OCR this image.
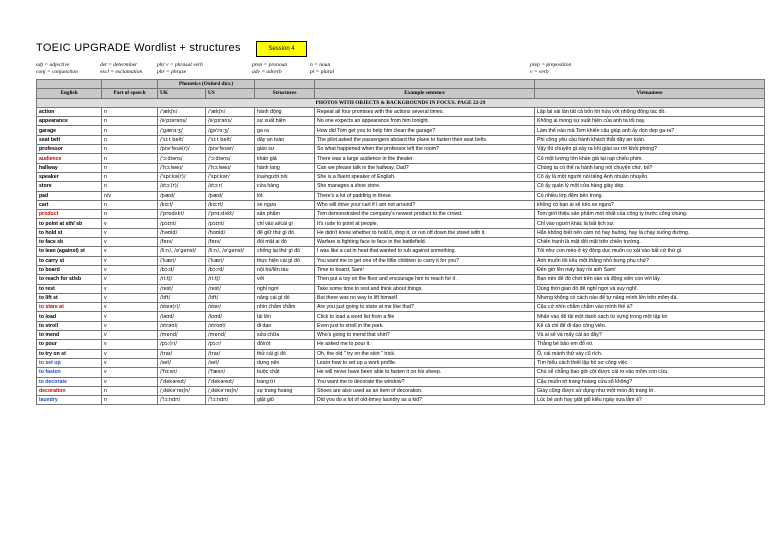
TOEIC UPGRADE Wordlist + structures	Session 4
adj = adjective
conj = conjunction
det = determiner
excl = exclamation
phr v = phrasal verb
phr = phrase
pron = pronoun
adv = adverb
n = noun
pl = plural
prep = preposition
v = verb
		Phonetics (Oxford dict.)				
English	Part of speech	UK	US	Structures	Example sentence	Vietnamese
PHOTOS WITH OBJECTS & BACKGROUNDS IN FOCUS. PAGE 22-29						
action	n	/ˈækʃn/	/ˈækʃn/	hành động	Repeat all four promises with the actions several times.	Lặp lại vài lần tất cả bốn lời hứa với những động tác đó.
appearance	n	/əˈpɪərəns/	/əˈpɪrəns/	sự xuất hiện	No one expects an appearance from him tonight.	Không ai mong sự xuất hiện của anh ta tối nay.
garage	n	/ˈɡærɑːʒ/	/ɡəˈrɑːʒ/	ga ra	How did Tom get you to help him clean the garage?	Làm thế nào mà Tom khiến cậu giúp anh ấy dọn dẹp ga-ra?
seat belt	n	/ˈsiːt belt/	/ˈsiːt belt/	dây an toàn	The pilot asked the passengers aboard the plane to fasten their seat belts.	Phi công yêu cầu hành khách thắt dây an toàn.
professor	n	/prəˈfesə(r)/	/prəˈfesər/	giáo sư	So what happened when the professor left the room?	Vậy thì chuyện gì xảy ra khi giáo sư rời khỏi phòng?
audience	n	/ˈɔːdiəns/	/ˈɔːdiəns/	khán giả	There was a large audience in the theater.	Có một lượng lớn khán giả tại rạp chiếu phim.
hallway	n	/ˈhɔːlweɪ/	/ˈhɔːlweɪ/	hành lang	Can we please talk in the hallway, Dad?	Chúng ta có thể ra hành lang nói chuyện chứ, bố?
speaker	n	/ˈspiːkə(r)/	/ˈspiːkər/	loa/người nói	She is a fluent speaker of English.	Cô ấy là một người nói tiếng Anh nhuần nhuyễn.
store	n	/stɔː(r)/	/stɔːr/	cửa hàng	She manages a shoe store.	Cô ấy quản lý một cửa hàng giày dép.
pad	n/v	/pæd/	/pæd/	lót	There's a lot of padding in these.	Có nhiều lớp đệm bên trong.
cart	n	/kɑːt/	/kɑːrt/	xe ngựa	Who will drive your cart if I am not around?	không có bạn ai sẽ kéo xe ngựa?
product	n	/ˈprɒdʌkt/	/ˈprɑːdʌkt/	sản phẩm	Tom demonstrated the company's newest product to the crowd.	Tom giới thiệu sản phẩm mới nhất của công ty trước công chúng.
to point at sth/ sb	v	/pɔɪnt/	/pɔɪnt/	chỉ vào ai/cái gì	It's rude to point at people.	Chỉ vào người khác là bất lịch sự.
to hold st	v	/həʊld/	/hoʊld/	để giữ thứ gì đó	He didn't know whether to hold it, drop it, or run off down the street with it.	Hắn không biết nên cầm nó hay buông, hay là chạy xuống đường.
to face sb	v	/feɪs/	/feɪs/	đối mặt ai đó	Warfare is fighting face to face in the battlefield.	Chiến tranh là mặt đối mặt trên chiến trường.
to lean (against) st	v	/liːn/, /əˈɡenst/	/liːn/, /əˈɡenst/	chống lại thứ gì đó	I was like a cat in heat that wanted to rub against something.	Tôi như con mèo ở kỳ động dục muốn cọ xát vào bất cứ thứ gì.
to carry st	v	/ˈkæri/	/ˈkæri/	thực hiện cái gì đó	You want me to get one of the little children to carry it for you?	Anh muốn tôi kêu một thằng nhỏ bưng phụ chứ?
to board	v	/bɔːd/	/bɔːrd/	nội trú/lên tàu	Time to board, Sam!	Đến giờ lên máy bay rồi anh Sam!
to reach for st/sb	v	/riːtʃ/	/riːtʃ/	với	Then put a toy on the floor and encourage him to reach for it .	Bạn nên để đồ chơi trên sàn và động viên con với lấy.
to rest	v	/rest/	/rest/	nghỉ ngơi	Take some time to rest and think about things.	Dùng thời gian đó để nghỉ ngơi và suy nghĩ.
to lift st	v	/lɪft/	/lɪft/	nâng cái gì đó	But there was no way to lift himself.	Nhưng không có cách nào để tự nâng mình lên trên mõm đá.
to stare at	v	/steə(r)/	/ster/	nhìn chằm chằm	Are you just going to stare at me like that?	Cậu cứ nhìn chằm chằm vào mình thế à?
to load	v	/ləʊd/	/loʊd/	tải lên	Click to load a word list from a file	Nhấn vào để tải một danh sách từ vựng trong một tập tin
to stroll	v	/strəʊl/	/stroʊl/	đi dạo	Even just to stroll in the park.	Kể cả chỉ để đi dạo công viên.
to mend	v	/mend/	/mend/	sửa chữa	Who's going to mend that shirt?	Và ai sẽ vá mấy cái áo đây?
to pour	v	/pɔː(r)/	/pɔːr/	đổ/rót	He asked me to pour it.	Thằng bé bảo em đổ nó.
to try on st	v	/traɪ/	/traɪ/	thử cái gì đó	Oh, the old " try on the skirt " trick.	Ồ, cái mánh thử váy cũ rích.
to set up	v	/set/	/set/	dựng nên	Learn how to set up a work profile.	Tìm hiểu cách thiết lập hồ sơ công việc.
to fasten	v	/ˈfɑːsn/	/ˈfæsn/	buộc chặt	He will never have been able to fasten it on his sheep.	Chú sẽ chẳng bao giờ cột được cái ro vào mõm con cừu.
to decorate	v	/ˈdekəreɪt/	/ˈdekəreɪt/	trang trí	You want me to decorate the window?	Cậu muốn tớ trang hoàng cửa sổ không?
decoration	n	/ˌdekəˈreɪʃn/	/ˌdekəˈreɪʃn/	sự trang hoàng	Shoes are also used as an item of decoration.	Giày cũng được sử dụng như một món đồ trang trí.
laundry	n	/ˈlɔːndri/	/ˈlɔːndri/	giặt giũ	Did you do a lot of old-timey laundry as a kid?	Lúc bé anh hay giặt giũ kiểu ngày xưa lắm à?
